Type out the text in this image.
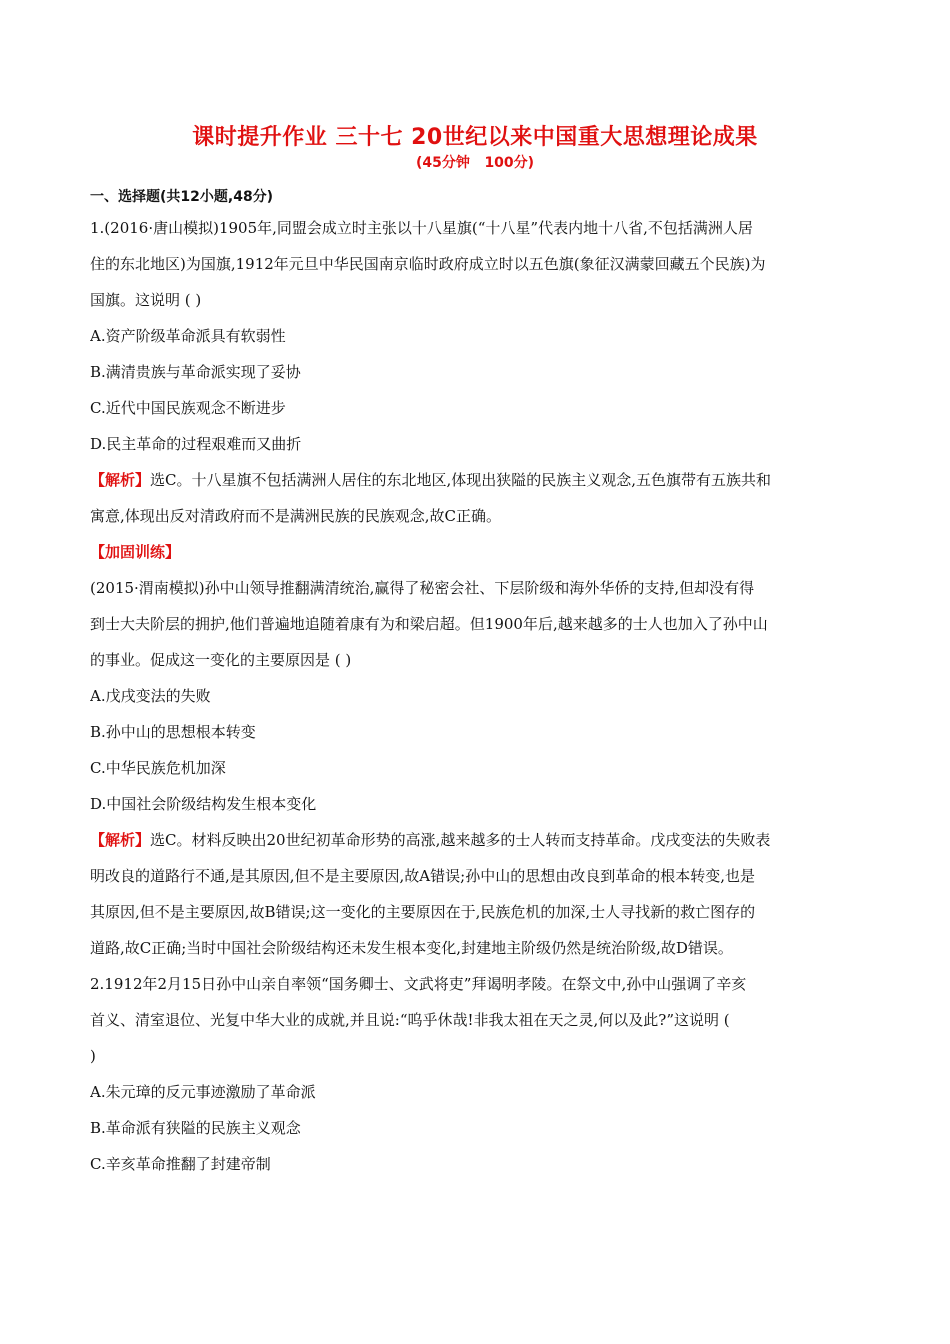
课时提升作业 三十七 20世纪以来中国重大思想理论成果
(45分钟   100分)
一、选择题(共12小题,48分)
1.(2016·唐山模拟)1905年,同盟会成立时主张以十八星旗(“十八星”代表内地十八省,不包括满洲人居
住的东北地区)为国旗,1912年元旦中华民国南京临时政府成立时以五色旗(象征汉满蒙回藏五个民族)为
国旗。这说明 ( )
A.资产阶级革命派具有软弱性
B.满清贵族与革命派实现了妥协
C.近代中国民族观念不断进步
D.民主革命的过程艰难而又曲折
【解析】选C。十八星旗不包括满洲人居住的东北地区,体现出狭隘的民族主义观念,五色旗带有五族共和
寓意,体现出反对清政府而不是满洲民族的民族观念,故C正确。
【加固训练】
(2015·渭南模拟)孙中山领导推翻满清统治,赢得了秘密会社、下层阶级和海外华侨的支持,但却没有得
到士大夫阶层的拥护,他们普遍地追随着康有为和梁启超。但1900年后,越来越多的士人也加入了孙中山
的事业。促成这一变化的主要原因是 ( )
A.戊戌变法的失败
B.孙中山的思想根本转变
C.中华民族危机加深
D.中国社会阶级结构发生根本变化
【解析】选C。材料反映出20世纪初革命形势的高涨,越来越多的士人转而支持革命。戊戌变法的失败表
明改良的道路行不通,是其原因,但不是主要原因,故A错误;孙中山的思想由改良到革命的根本转变,也是
其原因,但不是主要原因,故B错误;这一变化的主要原因在于,民族危机的加深,士人寻找新的救亡图存的
道路,故C正确;当时中国社会阶级结构还未发生根本变化,封建地主阶级仍然是统治阶级,故D错误。
2.1912年2月15日孙中山亲自率领“国务卿士、文武将吏”拜谒明孝陵。在祭文中,孙中山强调了辛亥
首义、清室退位、光复中华大业的成就,并且说:“呜乎休哉!非我太祖在天之灵,何以及此?”这说明 (
)
A.朱元璋的反元事迹激励了革命派
B.革命派有狭隘的民族主义观念
C.辛亥革命推翻了封建帝制
